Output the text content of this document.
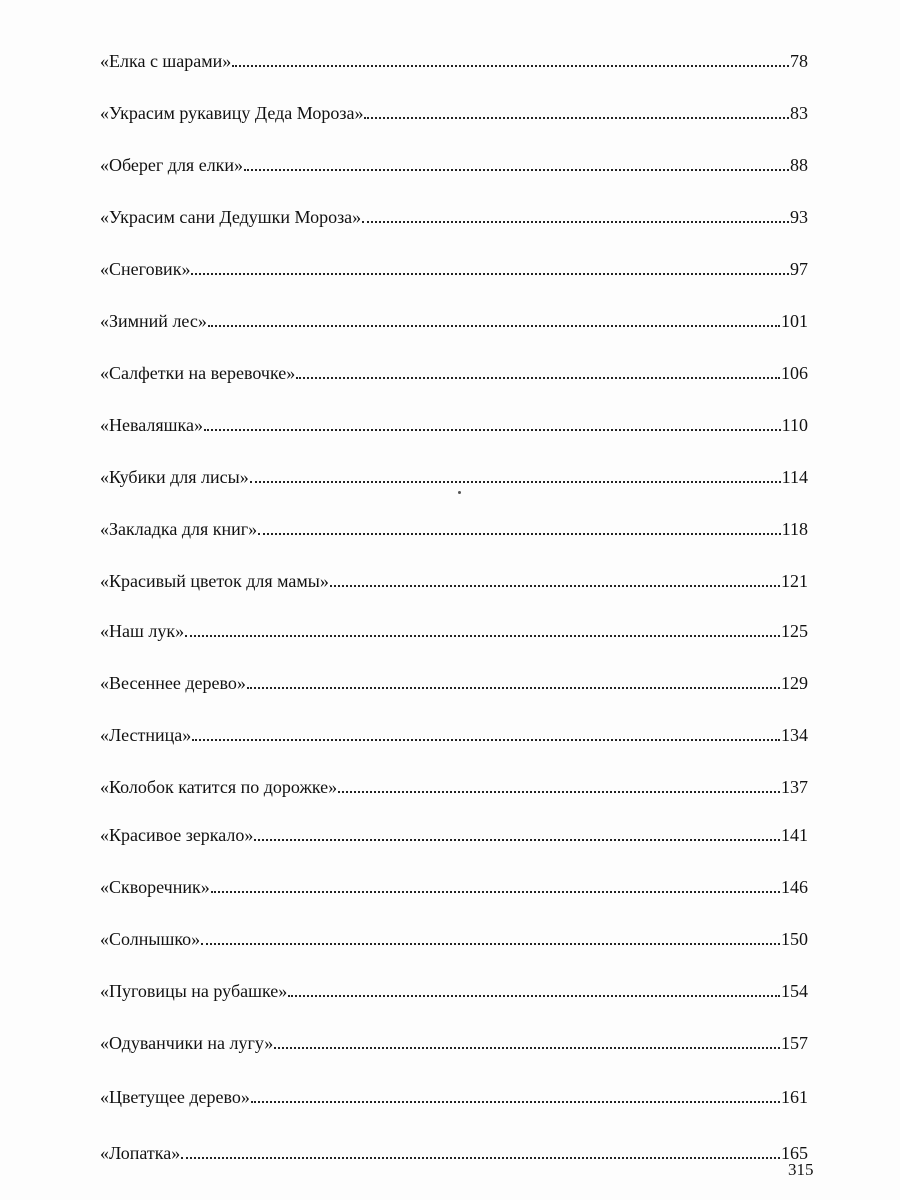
«Елка с шарами»	78
«Украсим рукавицу Деда Мороза»	83
«Оберег для елки»	88
«Украсим сани Дедушки Мороза»	93
«Снеговик»	97
«Зимний лес»	101
«Салфетки на веревочке»	106
«Неваляшка»	110
«Кубики для лисы»	114
«Закладка для книг»	118
«Красивый цветок для мамы»	121
«Наш лук»	125
«Весеннее дерево»	129
«Лестница»	134
«Колобок катится по дорожке»	137
«Красивое зеркало»	141
«Скворечник»	146
«Солнышко»	150
«Пуговицы на рубашке»	154
«Одуванчики на лугу»	157
«Цветущее дерево»	161
«Лопатка»	165
315
